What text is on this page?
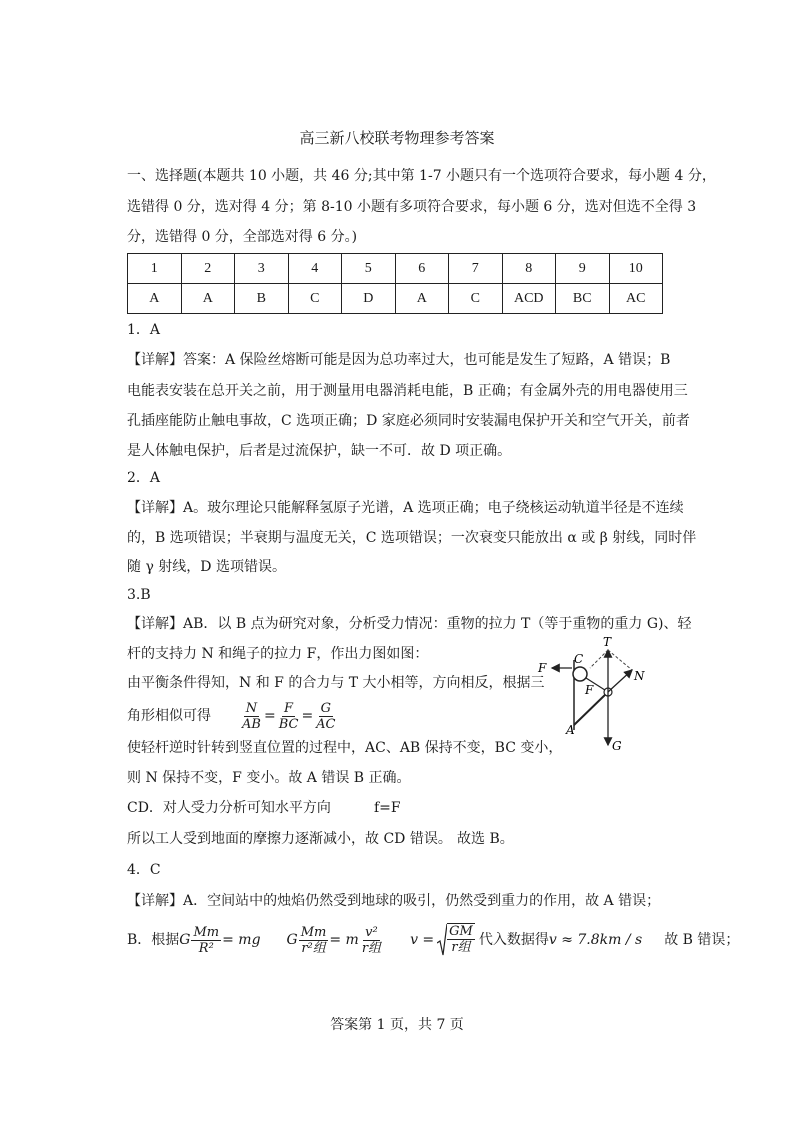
高三新八校联考物理参考答案
一、选择题(本题共 10 小题，共 46 分;其中第 1-7 小题只有一个选项符合要求，每小题 4 分，
选错得 0 分，选对得 4 分；第 8-10 小题有多项符合要求，每小题 6 分，选对但选不全得 3
分，选错得 0 分，全部选对得 6 分。)
1	2	3	4	5	6	7	8	9	10
A	A	B	C	D	A	C	ACD	BC	AC
1．A
【详解】答案：A 保险丝熔断可能是因为总功率过大，也可能是发生了短路，A 错误；B
电能表安装在总开关之前，用于测量用电器消耗电能，B 正确；有金属外壳的用电器使用三
孔插座能防止触电事故，C 选项正确；D 家庭必须同时安装漏电保护开关和空气开关，前者
是人体触电保护，后者是过流保护，缺一不可．故 D 项正确。
2．A
【详解】A。玻尔理论只能解释氢原子光谱，A 选项正确；电子绕核运动轨道半径是不连续
的，B 选项错误；半衰期与温度无关，C 选项错误；一次衰变只能放出 α 或 β 射线，同时伴
随 γ 射线，D 选项错误。
3.B
【详解】AB．以 B 点为研究对象，分析受力情况：重物的拉力 T（等于重物的重力 G)、轻
杆的支持力 N 和绳子的拉力 F，作出力图如图：
由平衡条件得知，N 和 F 的合力与 T 大小相等，方向相反，根据三
角形相似可得 $\frac{N}{AB} = \frac{F}{BC} = \frac{G}{AC}$
使轻杆逆时针转到竖直位置的过程中，AC、AB 保持不变，BC 变小，
则 N 保持不变，F 变小。故 A 错误 B 正确。
CD．对人受力分析可知水平方向	f=F
所以工人受到地面的摩擦力逐渐减小，故 CD 错误。 故选 B。
T
F
C
F
N
A
G
4．C
【详解】A．空间站中的烛焰仍然受到地球的吸引，仍然受到重力的作用，故 A 错误；
B．根据 G $\frac{Mm}{\text{R²}}$ = mg G $\frac{Mm}{\text{r²组}} = m \frac{\text{v²}}{\text{r组}}$ $v = \frac{GM}{\text{r组}}$ 代入数据得 v ≈ 7.8km / s 故 B 错误；
答案第 1 页，共 7 页
